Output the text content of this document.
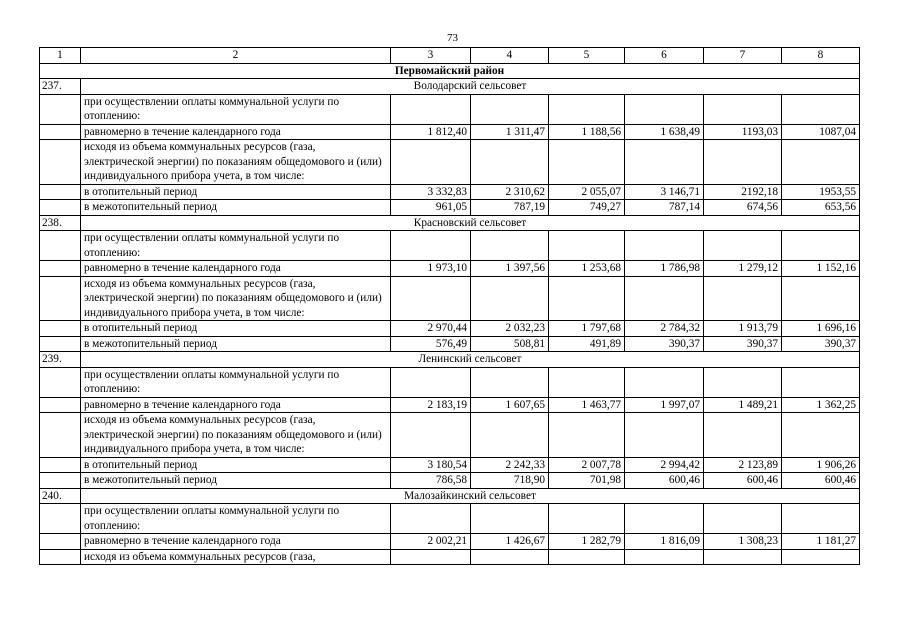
73
1	2	3	4	5	6	7	8
Первомайский район							
237.	Володарский сельсовет						
	при осуществлении оплаты коммунальной услуги по отоплению:						
	равномерно в течение календарного года	1 812,40	1 311,47	1 188,56	1 638,49	1193,03	1087,04
	исходя из объема коммунальных ресурсов (газа, электрической энергии) по показаниям общедомового и (или) индивидуального прибора учета, в том числе:						
	в отопительный период	3 332,83	2 310,62	2 055,07	3 146,71	2192,18	1953,55
	в межотопительный период	961,05	787,19	749,27	787,14	674,56	653,56
238.	Красновский сельсовет						
	при осуществлении оплаты коммунальной услуги по отоплению:						
	равномерно в течение календарного года	1 973,10	1 397,56	1 253,68	1 786,98	1 279,12	1 152,16
	исходя из объема коммунальных ресурсов (газа, электрической энергии) по показаниям общедомового и (или) индивидуального прибора учета, в том числе:						
	в отопительный период	2 970,44	2 032,23	1 797,68	2 784,32	1 913,79	1 696,16
	в межотопительный период	576,49	508,81	491,89	390,37	390,37	390,37
239.	Ленинский сельсовет						
	при осуществлении оплаты коммунальной услуги по отоплению:						
	равномерно в течение календарного года	2 183,19	1 607,65	1 463,77	1 997,07	1 489,21	1 362,25
	исходя из объема коммунальных ресурсов (газа, электрической энергии) по показаниям общедомового и (или) индивидуального прибора учета, в том числе:						
	в отопительный период	3 180,54	2 242,33	2 007,78	2 994,42	2 123,89	1 906,26
	в межотопительный период	786,58	718,90	701,98	600,46	600,46	600,46
240.	Малозайкинский сельсовет						
	при осуществлении оплаты коммунальной услуги по отоплению:						
	равномерно в течение календарного года	2 002,21	1 426,67	1 282,79	1 816,09	1 308,23	1 181,27
	исходя из объема коммунальных ресурсов (газа,						
